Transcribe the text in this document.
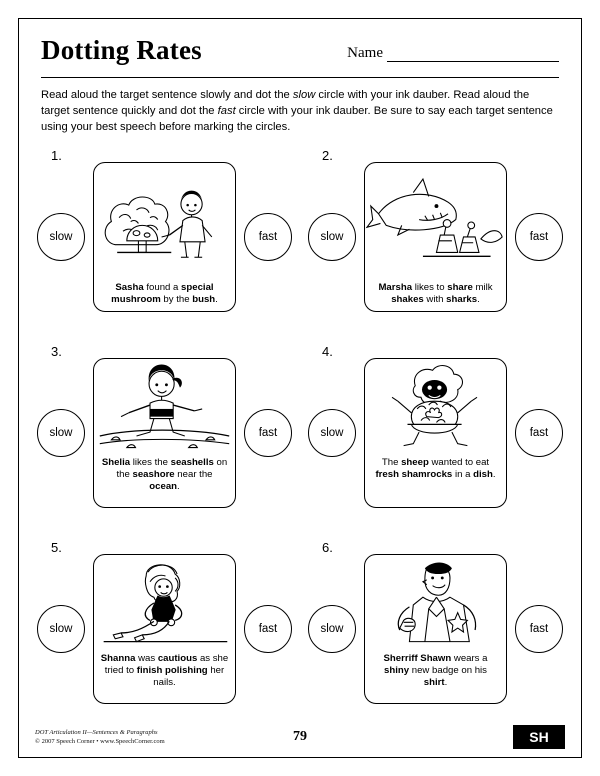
Dotting Rates	Name
Read aloud the target sentence slowly and dot the slow circle with your ink dauber. Read aloud the target sentence quickly and dot the fast circle with your ink dauber. Be sure to say each target sentence using your best speech before marking the circles.
1.
slow
Sasha found a special mushroom by the bush.
fast
2.
slow
Marsha likes to share milk shakes with sharks.
fast
3.
slow
Shelia likes the seashells on the seashore near the ocean.
fast
4.
slow
The sheep wanted to eat fresh shamrocks in a dish.
fast
5.
slow
Shanna was cautious as she tried to finish polishing her nails.
fast
6.
slow
Sherriff Shawn wears a shiny new badge on his shirt.
fast
DOT Articulation II—Sentences & Paragraphs
© 2007 Speech Corner • www.SpeechCorner.com	79	SH
